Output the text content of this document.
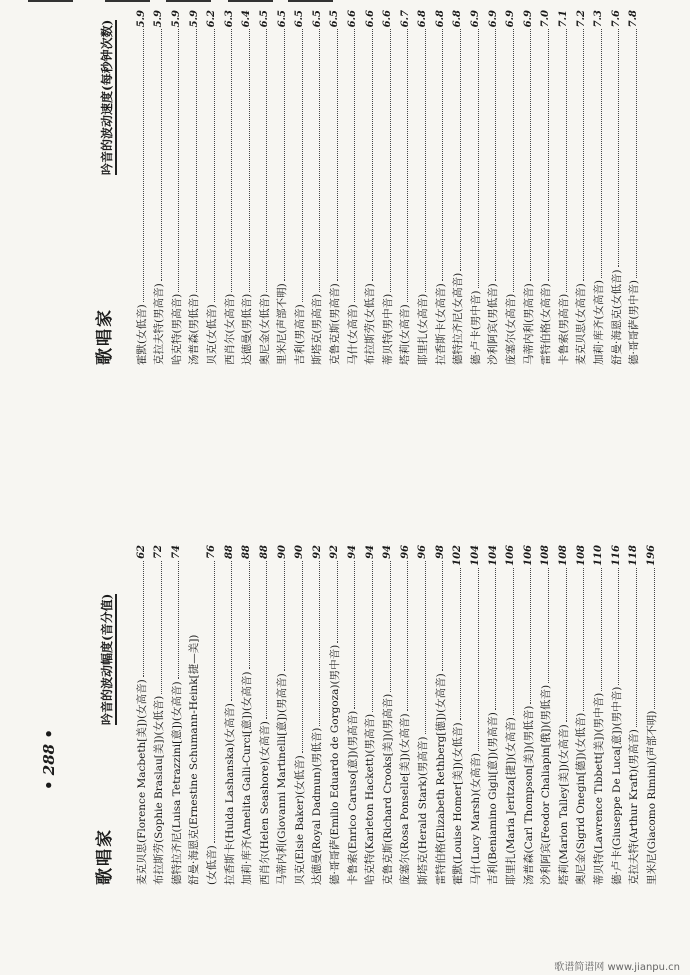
歌唱家
吟音的波动幅度(音分值)
麦克贝思(Florence Macbeth[美])(女高音)
62
布拉斯劳(Sophie Braslau[美])(女低音)
72
德特拉齐尼(Luisa Tetrazzini[意])(女高音)
74
舒曼·海恩克(Ernestine Schumann-Heink[捷—美]) (女低音)
76
拉香斯卡(Hulda Lashanska)(女高音)
88
加莉·库齐(Amelita Galli-Curci[意])(女高音)
88
西肖尔(Helen Seashore)(女高音)
88
马蒂内利(Giovanni Martinelli[意])(男高音)
90
贝克(Elsie Baker)(女低音)
90
达德曼(Royal Dadmun)(男低音)
92
德·哥哥萨(Emilio Eduardo de Gorgoza)(男中音)
92
卡鲁索(Enrico Caruso[意])(男高音)
94
哈克特(Karleton Hackett)(男高音)
94
克鲁克斯(Richard Crooks[美])(男高音)
94
庞塞尔(Rosa Ponselle[美])(女高音)
96
斯塔克(Herald Stark)(男高音)
96
雷特伯格(Elizabeth Rethberg[德])(女高音)
98
霍默(Louise Homer[美])(女低音)
102
马什(Lucy Marsh)(女高音)
104
吉利(Beniamino Gigli[意])(男高音)
104
耶里扎(Maria Jeritza[捷])(女高音)
106
汤普森(Carl Thompson[美])(男低音)
106
沙利阿宾(Feodor Chaliapin[俄])(男低音)
108
塔莉(Marion Talley[美])(女高音)
108
奥尼金(Sigrid Onegin[德])(女低音)
108
蒂贝特(Lawrence Tibbett[美])(男中音)
110
德·卢卡(Giuseppe De Luca[意])(男中音)
116
克拉夫特(Arthur Kraft)(男高音)
118
里米尼(Giacomo Rimini)(声部不明)
196
歌唱家
吟音的波动速度(每秒钟次数)
霍默(女低音)
5.9
克拉夫特(男高音)
5.9
哈克特(男高音)
5.9
汤普森(男低音)
5.9
贝克(女低音)
6.2
西肖尔(女高音)
6.3
达德曼(男低音)
6.4
奥尼金(女低音)
6.5
里米尼(声部不明)
6.5
吉利(男高音)
6.5
斯塔克(男高音)
6.5
克鲁克斯(男高音)
6.5
马什(女高音)
6.6
布拉斯劳(女低音)
6.6
蒂贝特(男中音)
6.6
塔莉(女高音)
6.7
耶里扎(女高音)
6.8
拉香斯卡(女高音)
6.8
德特拉齐尼(女高音)
6.8
德·卢卡(男中音)
6.9
沙利阿宾(男低音)
6.9
庞塞尔(女高音)
6.9
马蒂内利(男高音)
6.9
雷特伯格(女高音)
7.0
卡鲁索(男高音)
7.1
麦克贝思(女高音)
7.2
加莉·库齐(女高音)
7.3
舒曼·海恩克(女低音)
7.6
德·哥哥萨(男中音)
7.8
• 288 •
歌谱简谱网 www.jianpu.cn
